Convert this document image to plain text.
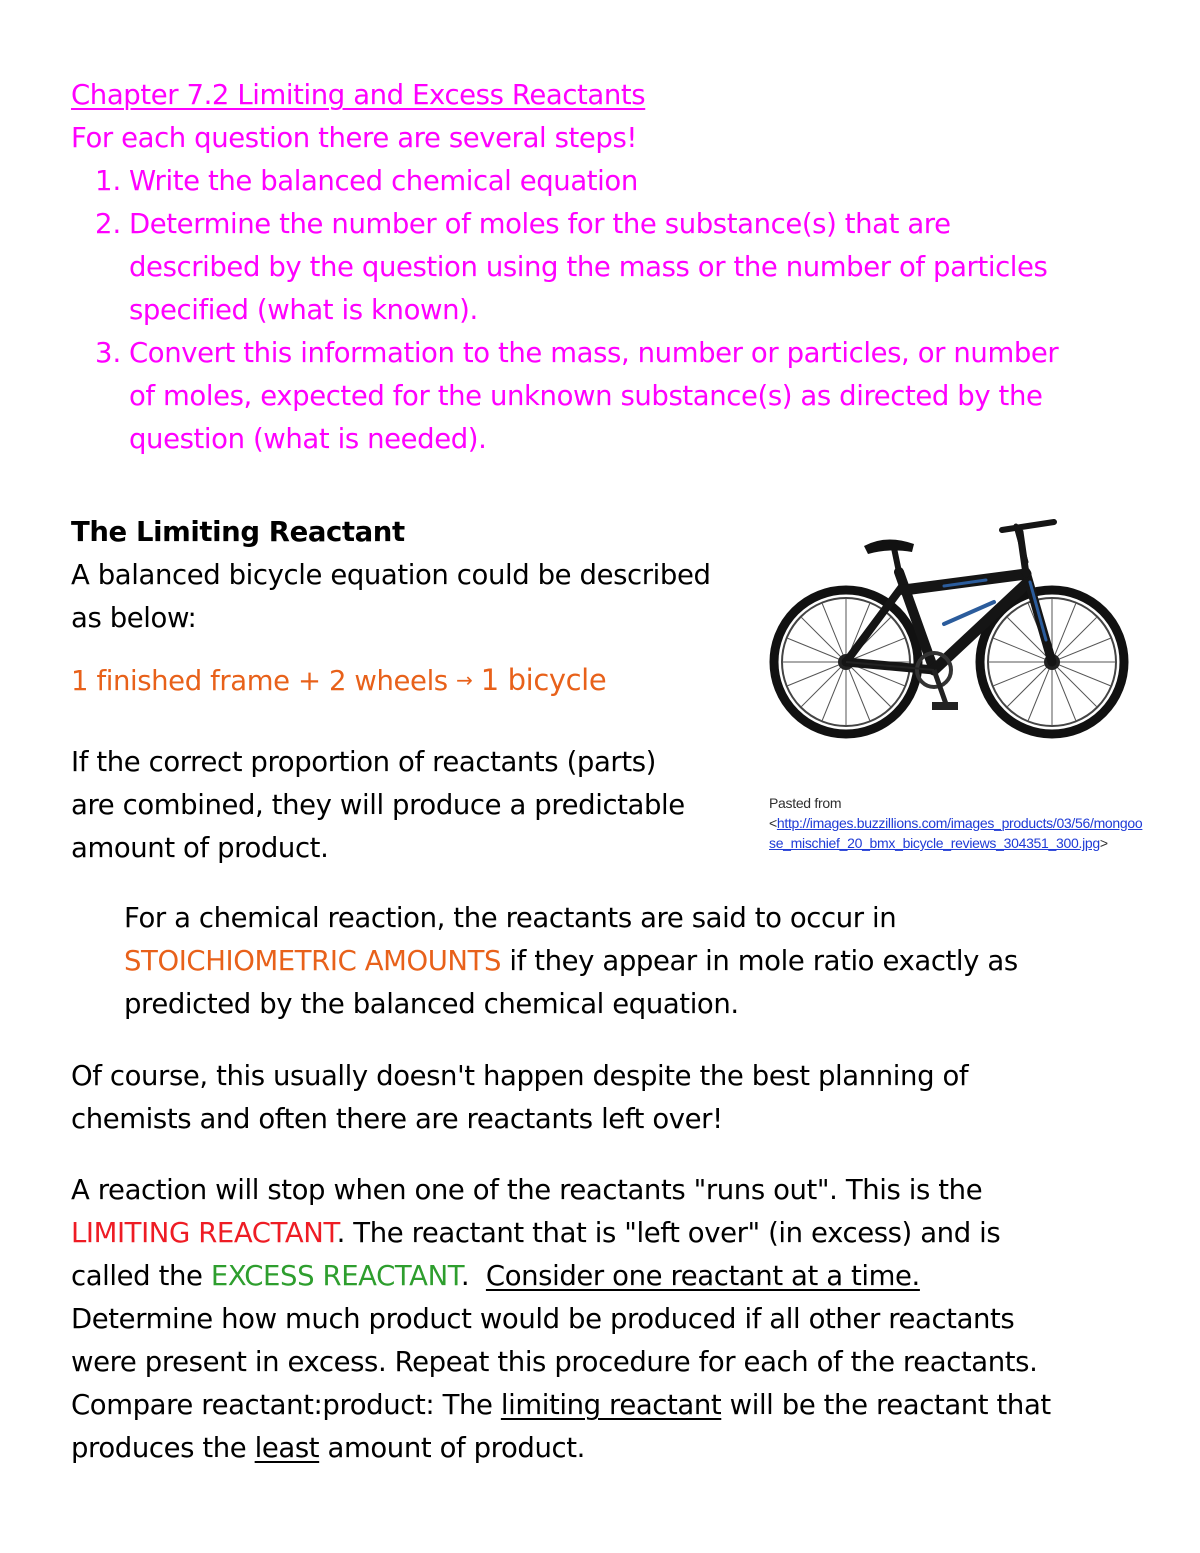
Chapter 7.2 Limiting and Excess Reactants
For each question there are several steps!
1. Write the balanced chemical equation
2. Determine the number of moles for the substance(s) that are
described by the question using the mass or the number of particles
specified (what is known).
3. Convert this information to the mass, number or particles, or number
of moles, expected for the unknown substance(s) as directed by the
question (what is needed).
The Limiting Reactant
A balanced bicycle equation could be described
as below:
1 finished frame + 2 wheels → 1 bicycle
If the correct proportion of reactants (parts)
are combined, they will produce a predictable
amount of product.
Pasted from
<http://images.buzzillions.com/images_products/03/56/mongoo
se_mischief_20_bmx_bicycle_reviews_304351_300.jpg>
For a chemical reaction, the reactants are said to occur in
STOICHIOMETRIC AMOUNTS if they appear in mole ratio exactly as
predicted by the balanced chemical equation.
Of course, this usually doesn't happen despite the best planning of
chemists and often there are reactants left over!
A reaction will stop when one of the reactants "runs out". This is the
LIMITING REACTANT. The reactant that is "left over" (in excess) and is
called the EXCESS REACTANT.  Consider one reactant at a time.
Determine how much product would be produced if all other reactants
were present in excess. Repeat this procedure for each of the reactants.
Compare reactant:product: The limiting reactant will be the reactant that
produces the least amount of product.
